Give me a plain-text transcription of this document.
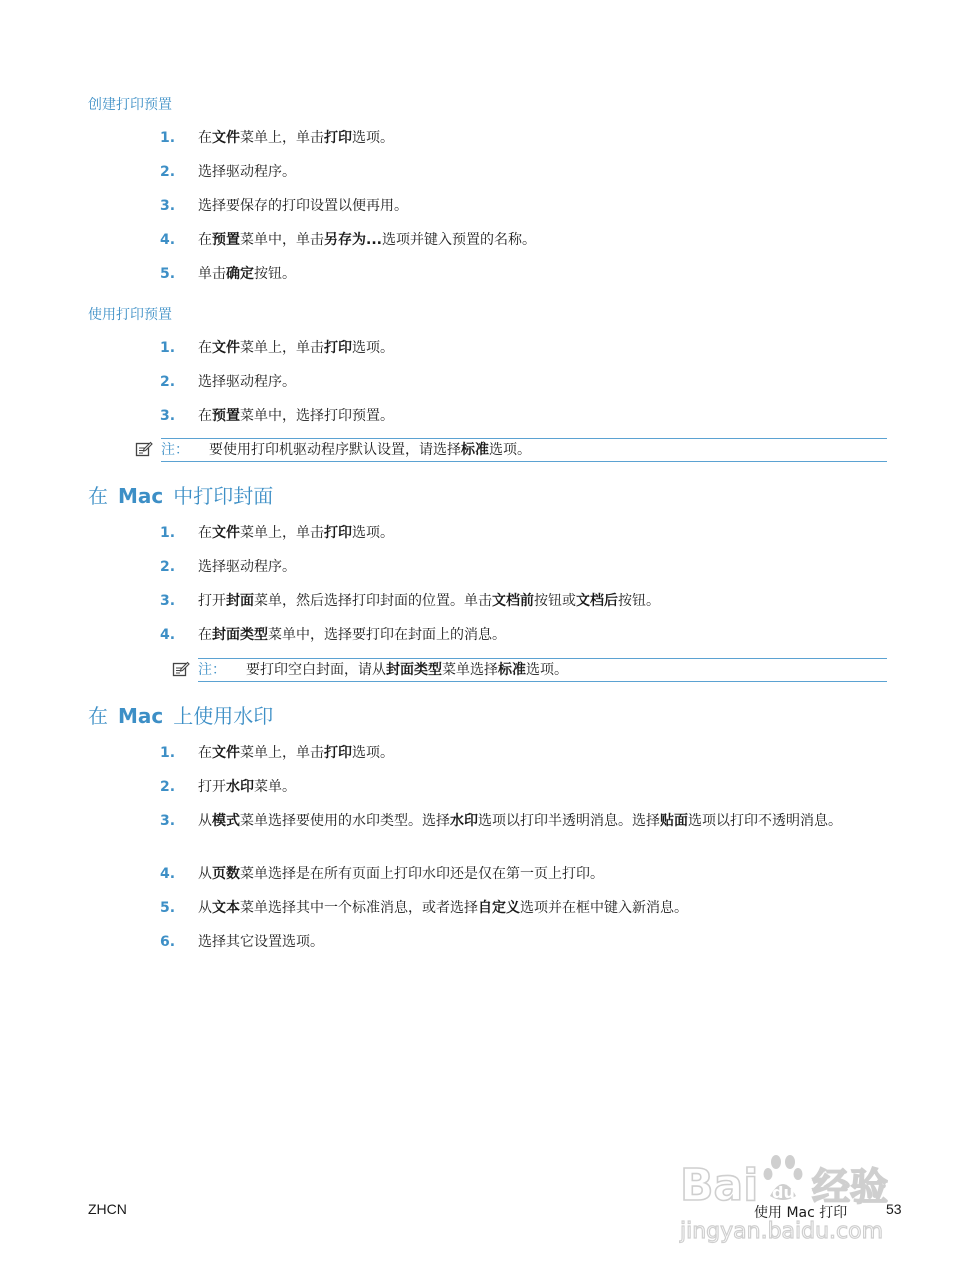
创建打印预置
1.	在文件菜单上，单击打印选项。
2.	选择驱动程序。
3.	选择要保存的打印设置以便再用。
4.	在预置菜单中，单击另存为...选项并键入预置的名称。
5.	单击确定按钮。
使用打印预置
1.	在文件菜单上，单击打印选项。
2.	选择驱动程序。
3.	在预置菜单中，选择打印预置。
注： 要使用打印机驱动程序默认设置，请选择标准选项。
在 Mac 中打印封面
1.	在文件菜单上，单击打印选项。
2.	选择驱动程序。
3.	打开封面菜单，然后选择打印封面的位置。单击文档前按钮或文档后按钮。
4.	在封面类型菜单中，选择要打印在封面上的消息。
注： 要打印空白封面，请从封面类型菜单选择标准选项。
在 Mac 上使用水印
1.	在文件菜单上，单击打印选项。
2.	打开水印菜单。
3.	从模式菜单选择要使用的水印类型。选择水印选项以打印半透明消息。选择贴面选项以打印不透明消息。
4.	从页数菜单选择是在所有页面上打印水印还是仅在第一页上打印。
5.	从文本菜单选择其中一个标准消息，或者选择自定义选项并在框中键入新消息。
6.	选择其它设置选项。
Bai du 经验
jingyan.baidu.com
ZHCN	使用 Mac 打印	53
